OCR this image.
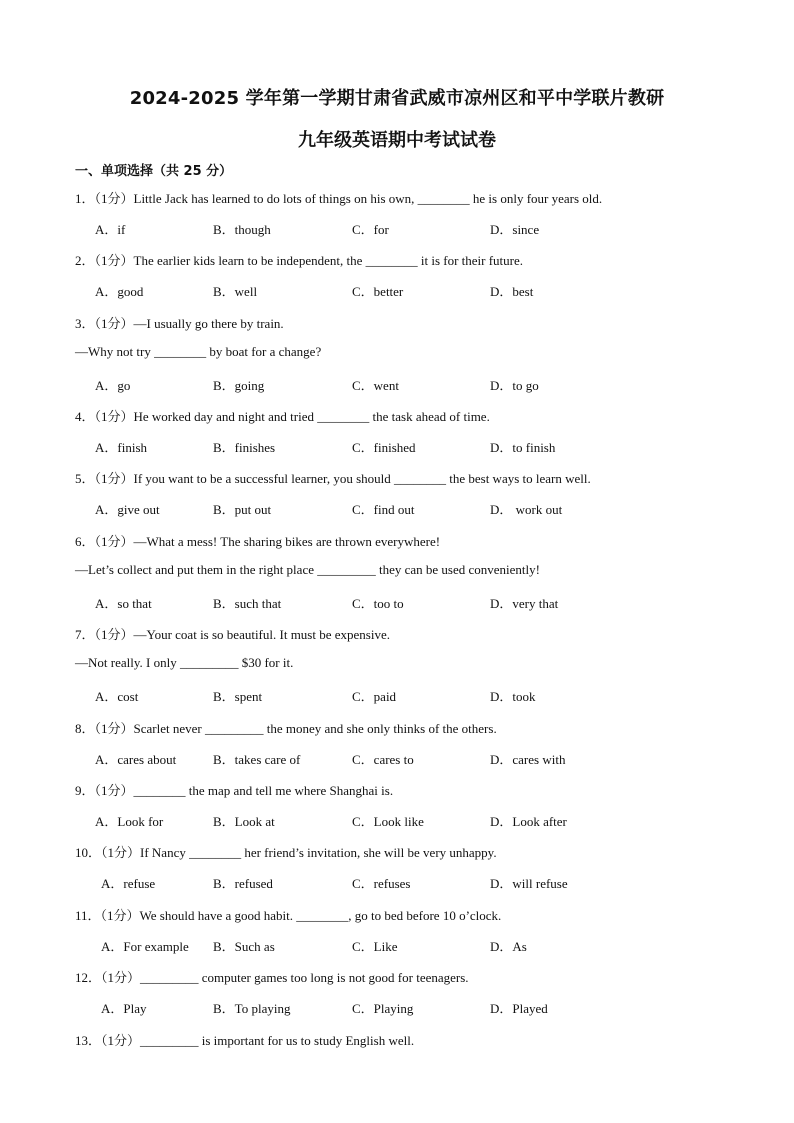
2024-2025 学年第一学期甘肃省武威市凉州区和平中学联片教研
九年级英语期中考试试卷
一、单项选择（共 25 分）
1．（1分）Little Jack has learned to do lots of things on his own, ________ he is only four years old.
A．if	B．though	C．for	D．since
2．（1分）The earlier kids learn to be independent, the ________ it is for their future.
A．good	B．well	C．better	D．best
3．（1分）—I usually go there by train.
—Why not try ________ by boat for a change?
A．go	B．going	C．went	D．to go
4．（1分）He worked day and night and tried ________ the task ahead of time.
A．finish	B．finishes	C．finished	D．to finish
5．（1分）If you want to be a successful learner, you should ________ the best ways to learn well.
A．give out	B．put out	C．find out	D． work out
6．（1分）—What a mess! The sharing bikes are thrown everywhere!
—Let’s collect and put them in the right place _________ they can be used conveniently!
A．so that	B．such that	C．too to	D．very that
7．（1分）—Your coat is so beautiful. It must be expensive.
—Not really. I only _________ $30 for it.
A．cost	B．spent	C．paid	D．took
8．（1分）Scarlet never _________ the money and she only thinks of the others.
A．cares about	B．takes care of	C．cares to	D．cares with
9．（1分）________ the map and tell me where Shanghai is.
A．Look for	B．Look at	C．Look like	D．Look after
10．（1分）If Nancy ________ her friend’s invitation, she will be very unhappy.
A．refuse	B．refused	C．refuses	D．will refuse
11．（1分）We should have a good habit. ________, go to bed before 10 o’clock.
A．For example B．Such as	C．Like	D．As
12．（1分）_________ computer games too long is not good for teenagers.
A．Play	B．To playing	C．Playing	D．Played
13．（1分）_________ is important for us to study English well.
